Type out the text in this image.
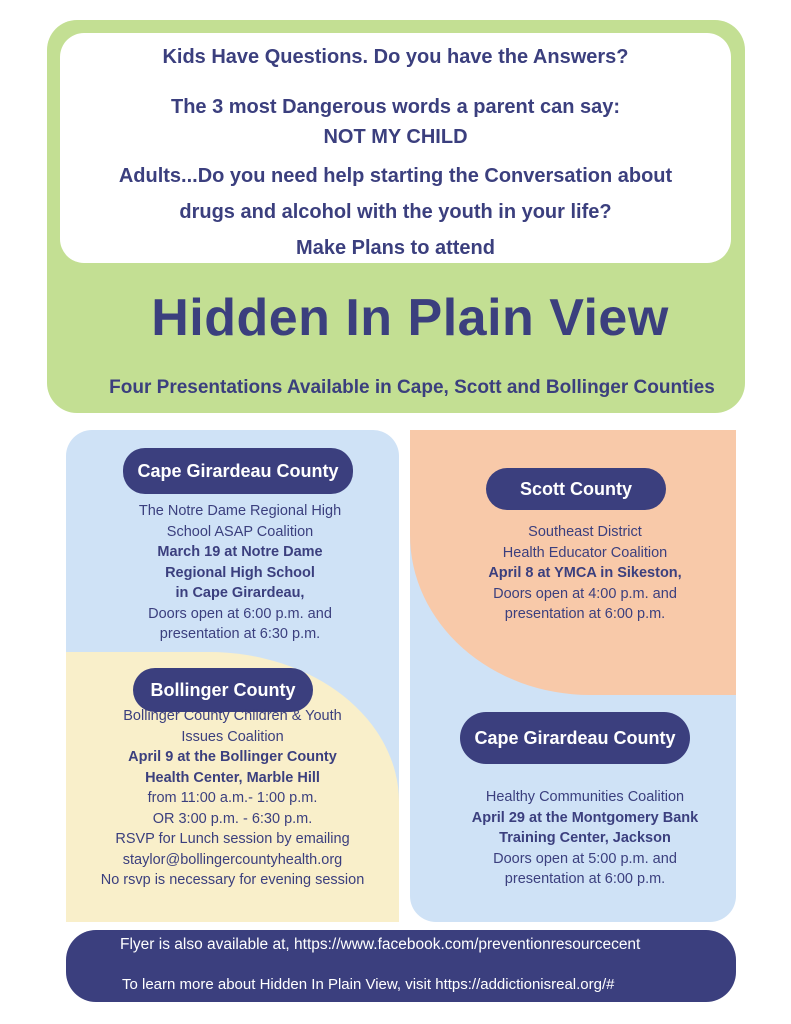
Kids Have Questions. Do you have the Answers?
The 3 most Dangerous words a parent can say:
NOT MY CHILD
Adults...Do you need help starting the Conversation about
drugs and alcohol with the youth in your life?
Make Plans to attend
Hidden In Plain View
Four Presentations Available in Cape, Scott and Bollinger Counties
Cape Girardeau County
The Notre Dame Regional High
School ASAP Coalition
March 19 at Notre Dame
Regional High School
in Cape Girardeau,
Doors open at 6:00 p.m. and
presentation at 6:30 p.m.
Bollinger County
Bollinger County Children & Youth
Issues Coalition
April 9 at the Bollinger County
Health Center, Marble Hill
from 11:00 a.m.- 1:00 p.m.
OR 3:00 p.m. - 6:30 p.m.
RSVP for Lunch session by emailing
staylor@bollingercountyhealth.org
No rsvp is necessary for evening session
Scott County
Southeast District
Health Educator Coalition
April 8 at YMCA in Sikeston,
Doors open at 4:00 p.m. and
presentation at 6:00 p.m.
Cape Girardeau County
Healthy Communities Coalition
April 29 at the Montgomery Bank
Training Center, Jackson
Doors open at 5:00 p.m. and
presentation at 6:00 p.m.
Flyer is also available at, https://www.facebook.com/preventionresourcecent
To learn more about Hidden In Plain View, visit https://addictionisreal.org/#
